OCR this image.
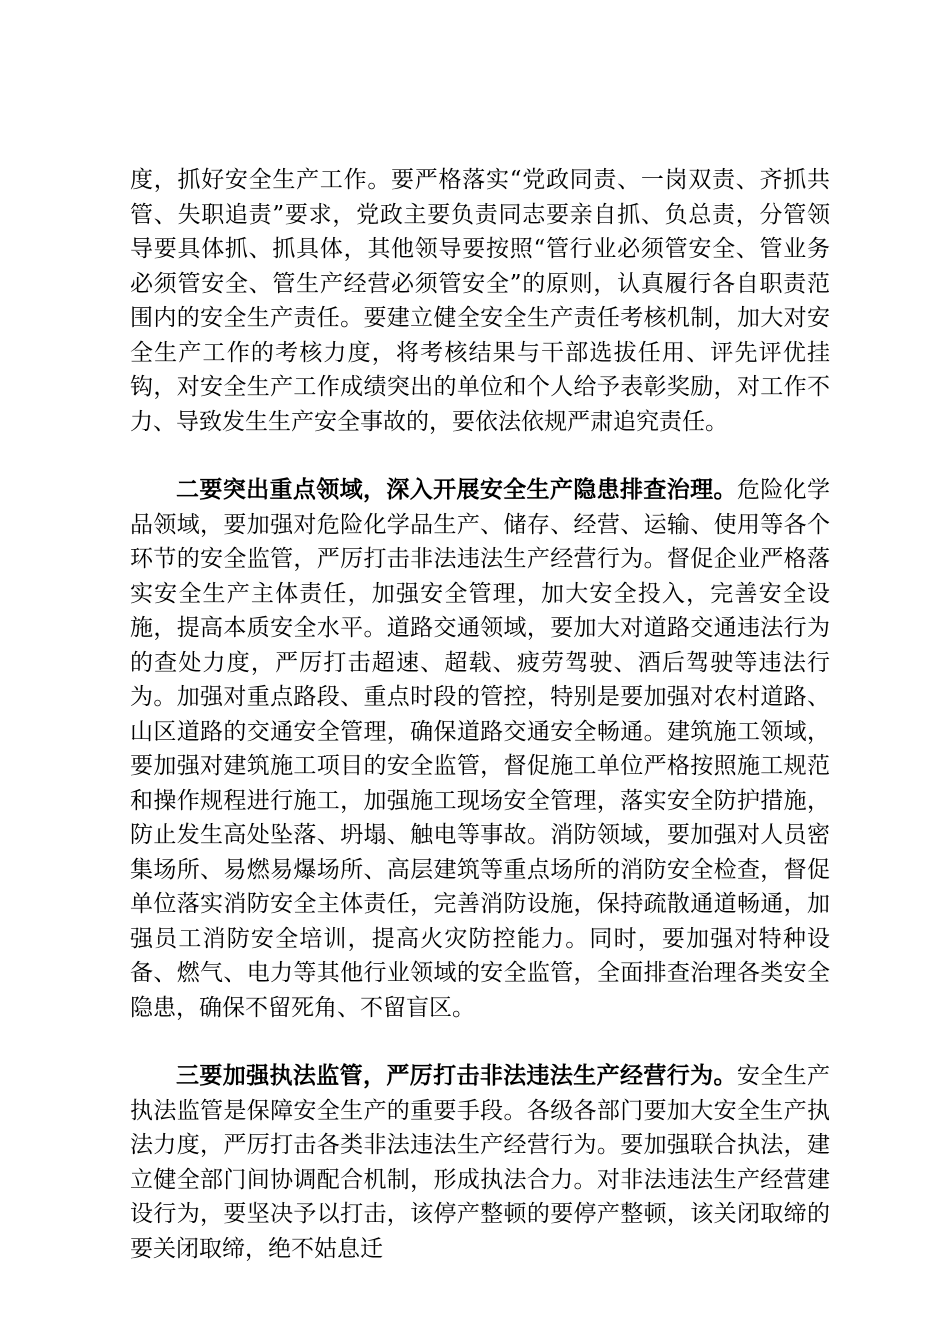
度，抓好安全生产工作。要严格落实“党政同责、一岗双责、齐抓共管、失职追责”要求，党政主要负责同志要亲自抓、负总责，分管领导要具体抓、抓具体，其他领导要按照“管行业必须管安全、管业务必须管安全、管生产经营必须管安全”的原则，认真履行各自职责范围内的安全生产责任。要建立健全安全生产责任考核机制，加大对安全生产工作的考核力度，将考核结果与干部选拔任用、评先评优挂钩，对安全生产工作成绩突出的单位和个人给予表彰奖励，对工作不力、导致发生生产安全事故的，要依法依规严肃追究责任。

二要突出重点领域，深入开展安全生产隐患排查治理。危险化学品领域，要加强对危险化学品生产、储存、经营、运输、使用等各个环节的安全监管，严厉打击非法违法生产经营行为。督促企业严格落实安全生产主体责任，加强安全管理，加大安全投入，完善安全设施，提高本质安全水平。道路交通领域，要加大对道路交通违法行为的查处力度，严厉打击超速、超载、疲劳驾驶、酒后驾驶等违法行为。加强对重点路段、重点时段的管控，特别是要加强对农村道路、山区道路的交通安全管理，确保道路交通安全畅通。建筑施工领域，要加强对建筑施工项目的安全监管，督促施工单位严格按照施工规范和操作规程进行施工，加强施工现场安全管理，落实安全防护措施，防止发生高处坠落、坍塌、触电等事故。消防领域，要加强对人员密集场所、易燃易爆场所、高层建筑等重点场所的消防安全检查，督促单位落实消防安全主体责任，完善消防设施，保持疏散通道畅通，加强员工消防安全培训，提高火灾防控能力。同时，要加强对特种设备、燃气、电力等其他行业领域的安全监管，全面排查治理各类安全隐患，确保不留死角、不留盲区。

三要加强执法监管，严厉打击非法违法生产经营行为。安全生产执法监管是保障安全生产的重要手段。各级各部门要加大安全生产执法力度，严厉打击各类非法违法生产经营行为。要加强联合执法，建立健全部门间协调配合机制，形成执法合力。对非法违法生产经营建设行为，要坚决予以打击，该停产整顿的要停产整顿，该关闭取缔的要关闭取缔，绝不姑息迁
